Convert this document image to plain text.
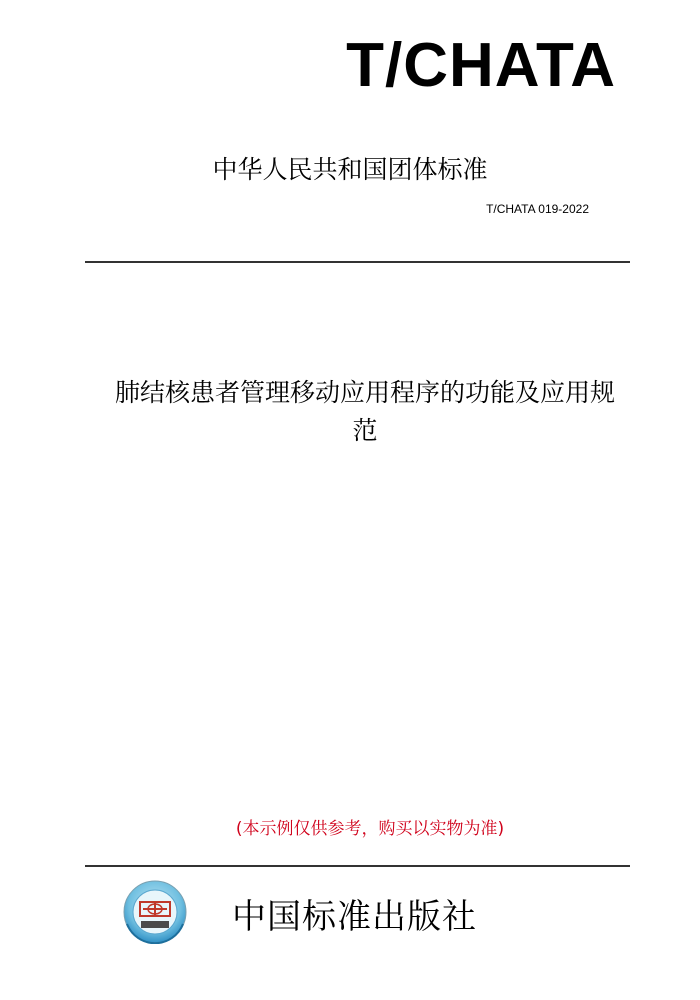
T/CHATA
中华人民共和国团体标准
T/CHATA 019-2022
肺结核患者管理移动应用程序的功能及应用规
范
(本示例仅供参考，购买以实物为准)
中国标准出版社
